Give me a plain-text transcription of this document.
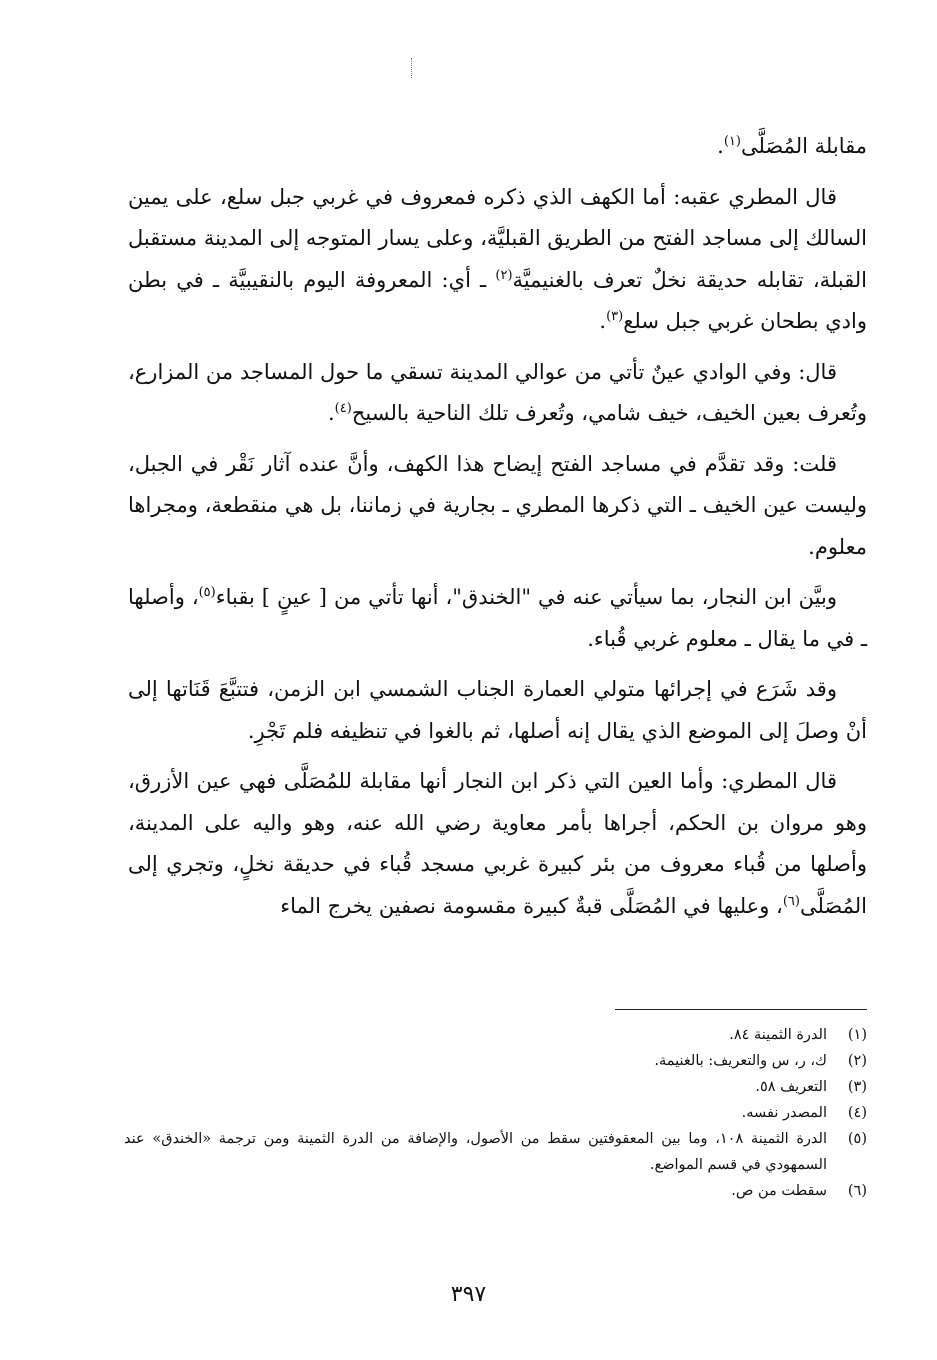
مقابلة المُصَلَّى$^{(١)}$.

قال المطري عقبه: أما الكهف الذي ذكره فمعروف في غربي جبل سلع، على يمين السالك إلى مساجد الفتح من الطريق القبليَّة، وعلى يسار المتوجه إلى المدينة مستقبل القبلة، تقابله حديقة نخلٌ تعرف بالغنيميَّة$^{(٢)}$ ـ أي: المعروفة اليوم بالنقيبيَّة ـ في بطن وادي بطحان غربي جبل سلع$^{(٣)}$.

قال: وفي الوادي عينٌ تأتي من عوالي المدينة تسقي ما حول المساجد من المزارع، وتُعرف بعين الخيف، خيف شامي، وتُعرف تلك الناحية بالسيح$^{(٤)}$.

قلت: وقد تقدَّم في مساجد الفتح إيضاح هذا الكهف، وأنَّ عنده آثار نَقْر في الجبل، وليست عين الخيف ـ التي ذكرها المطري ـ بجارية في زماننا، بل هي منقطعة، ومجراها معلوم.

وبيَّن ابن النجار، بما سيأتي عنه في "الخندق"، أنها تأتي من [ عينٍ ] بقباء$^{(٥)}$، وأصلها ـ في ما يقال ـ معلوم غربي قُباء.

وقد شَرَع في إجرائها متولي العمارة الجناب الشمسي ابن الزمن، فتتبَّعَ قَنَاتها إلى أنْ وصلَ إلى الموضع الذي يقال إنه أصلها، ثم بالغوا في تنظيفه فلم تَجْرِ.

قال المطري: وأما العين التي ذكر ابن النجار أنها مقابلة للمُصَلَّى فهي عين الأزرق، وهو مروان بن الحكم، أجراها بأمر معاوية رضي الله عنه، وهو واليه على المدينة، وأصلها من قُباء معروف من بئر كبيرة غربي مسجد قُباء في حديقة نخلٍ، وتجري إلى المُصَلَّى$^{(٦)}$، وعليها في المُصَلَّى قبةٌ كبيرة مقسومة نصفين يخرج الماء

(١)
الدرة الثمينة ٨٤.
(٢)
ك، ر، س والتعريف: بالغنيمة.
(٣)
التعريف ٥٨.
(٤)
المصدر نفسه.
(٥)
الدرة الثمينة ١٠٨، وما بين المعقوفتين سقط من الأصول، والإضافة من الدرة الثمينة ومن ترجمة «الخندق» عند السمهودي في قسم المواضع.
(٦)
سقطت من ص.
٣٩٧
